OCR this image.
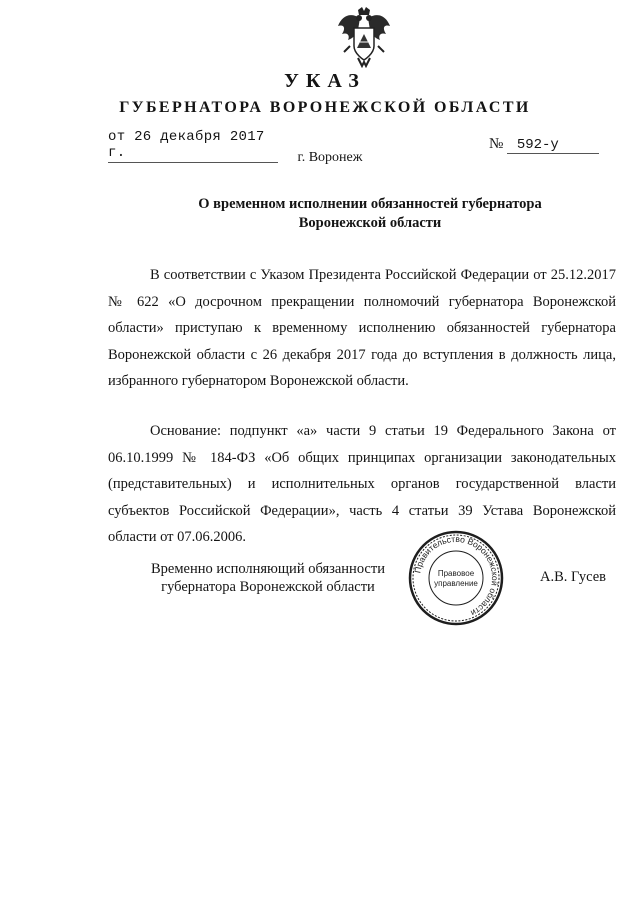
УКАЗ
ГУБЕРНАТОРА ВОРОНЕЖСКОЙ ОБЛАСТИ
от 26 декабря 2017 г.
№ 592-у
г. Воронеж
О временном исполнении обязанностей губернатора
Воронежской области

В соответствии с Указом Президента Российской Федерации от 25.12.2017 № 622 «О досрочном прекращении полномочий губернатора Воронежской области» приступаю к временному исполнению обязанностей губернатора Воронежской области с 26 декабря 2017 года до вступления в должность лица, избранного губернатором Воронежской области.

Основание: подпункт «а» части 9 статьи 19 Федерального Закона от 06.10.1999 № 184-ФЗ «Об общих принципах организации законодательных (представительных) и исполнительных органов государственной власти субъектов Российской Федерации», часть 4 статьи 39 Устава Воронежской области от 07.06.2006.

Временно исполняющий обязанности
губернатора Воронежской области
Правительство Воронежской области
Правовое
управление	А.В. Гусев
